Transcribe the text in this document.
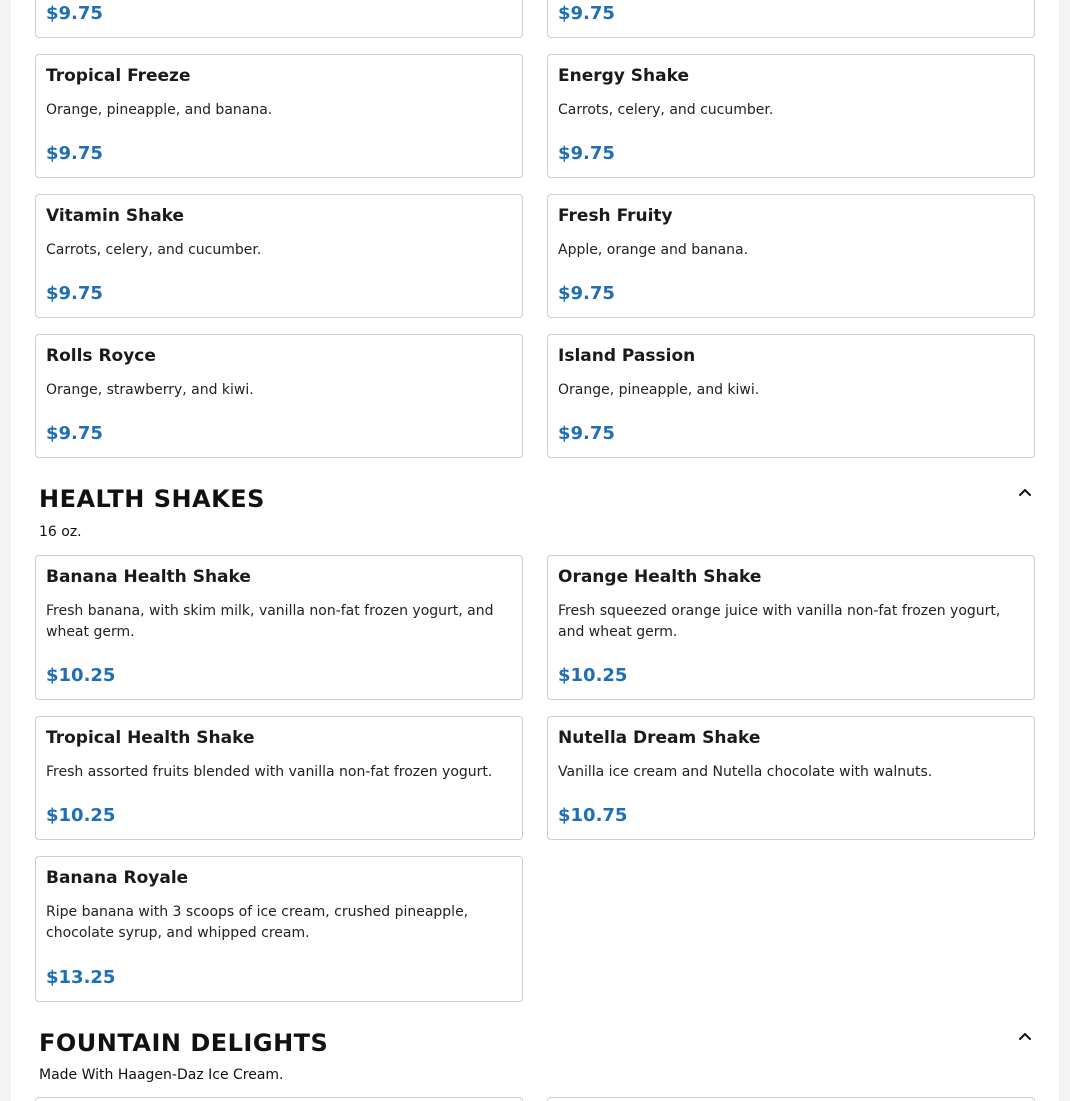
$9.75	$9.75
Tropical Freeze
Orange, pineapple, and banana.
$9.75
Energy Shake
Carrots, celery, and cucumber.
$9.75
Vitamin Shake
Carrots, celery, and cucumber.
$9.75
Fresh Fruity
Apple, orange and banana.
$9.75
Rolls Royce
Orange, strawberry, and kiwi.
$9.75
Island Passion
Orange, pineapple, and kiwi.
$9.75
HEALTH SHAKES
16 oz.
Banana Health Shake
Fresh banana, with skim milk, vanilla non-fat frozen yogurt, and wheat germ.
$10.25
Orange Health Shake
Fresh squeezed orange juice with vanilla non-fat frozen yogurt, and wheat germ.
$10.25
Tropical Health Shake
Fresh assorted fruits blended with vanilla non-fat frozen yogurt.
$10.25
Nutella Dream Shake
Vanilla ice cream and Nutella chocolate with walnuts.
$10.75
Banana Royale
Ripe banana with 3 scoops of ice cream, crushed pineapple, chocolate syrup, and whipped cream.
$13.25
FOUNTAIN DELIGHTS
Made With Haagen-Daz Ice Cream.
